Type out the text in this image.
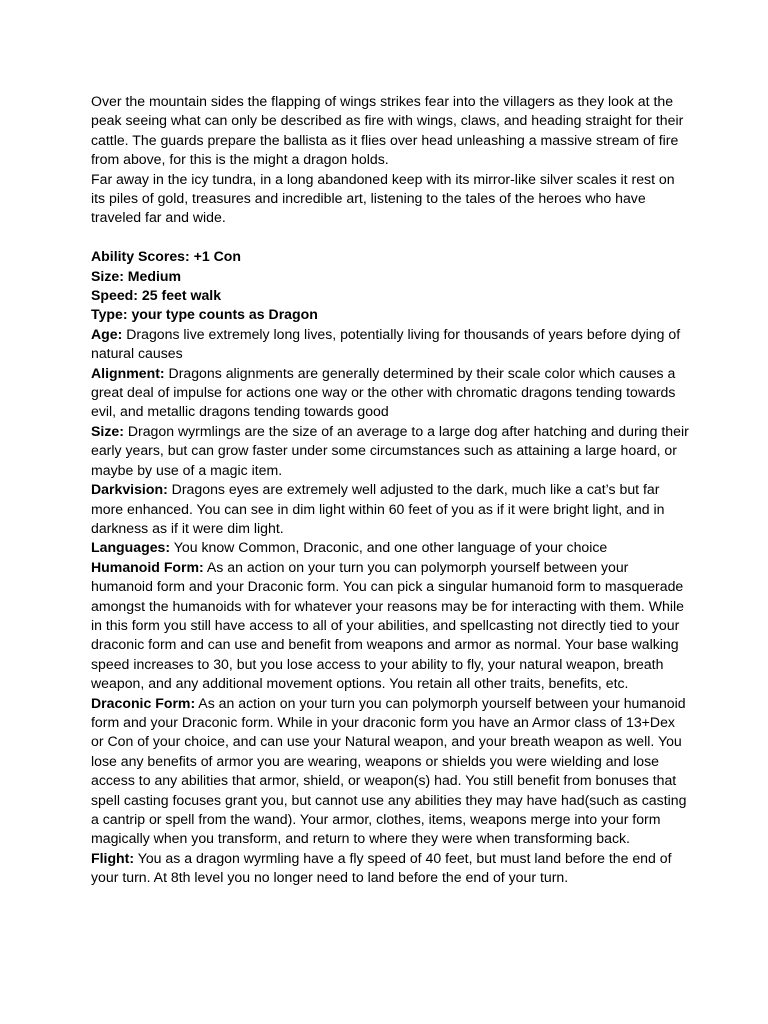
Over the mountain sides the flapping of wings strikes fear into the villagers as they look at the
peak seeing what can only be described as fire with wings, claws, and heading straight for their
cattle. The guards prepare the ballista as it flies over head unleashing a massive stream of fire
from above, for this is the might a dragon holds.

Far away in the icy tundra, in a long abandoned keep with its mirror-like silver scales it rest on
its piles of gold, treasures and incredible art, listening to the tales of the heroes who have
traveled far and wide.

Ability Scores: +1 Con

Size: Medium

Speed: 25 feet walk

Type: your type counts as Dragon

Age: Dragons live extremely long lives, potentially living for thousands of years before dying of
natural causes

Alignment: Dragons alignments are generally determined by their scale color which causes a
great deal of impulse for actions one way or the other with chromatic dragons tending towards
evil, and metallic dragons tending towards good

Size: Dragon wyrmlings are the size of an average to a large dog after hatching and during their
early years, but can grow faster under some circumstances such as attaining a large hoard, or
maybe by use of a magic item.

Darkvision: Dragons eyes are extremely well adjusted to the dark, much like a cat’s but far
more enhanced. You can see in dim light within 60 feet of you as if it were bright light, and in
darkness as if it were dim light.

Languages: You know Common, Draconic, and one other language of your choice

Humanoid Form: As an action on your turn you can polymorph yourself between your
humanoid form and your Draconic form. You can pick a singular humanoid form to masquerade
amongst the humanoids with for whatever your reasons may be for interacting with them. While
in this form you still have access to all of your abilities, and spellcasting not directly tied to your
draconic form and can use and benefit from weapons and armor as normal. Your base walking
speed increases to 30, but you lose access to your ability to fly, your natural weapon, breath
weapon, and any additional movement options. You retain all other traits, benefits, etc.

Draconic Form: As an action on your turn you can polymorph yourself between your humanoid
form and your Draconic form. While in your draconic form you have an Armor class of 13+Dex
or Con of your choice, and can use your Natural weapon, and your breath weapon as well. You
lose any benefits of armor you are wearing, weapons or shields you were wielding and lose
access to any abilities that armor, shield, or weapon(s) had. You still benefit from bonuses that
spell casting focuses grant you, but cannot use any abilities they may have had(such as casting
a cantrip or spell from the wand). Your armor, clothes, items, weapons merge into your form
magically when you transform, and return to where they were when transforming back.

Flight: You as a dragon wyrmling have a fly speed of 40 feet, but must land before the end of
your turn. At 8th level you no longer need to land before the end of your turn.
